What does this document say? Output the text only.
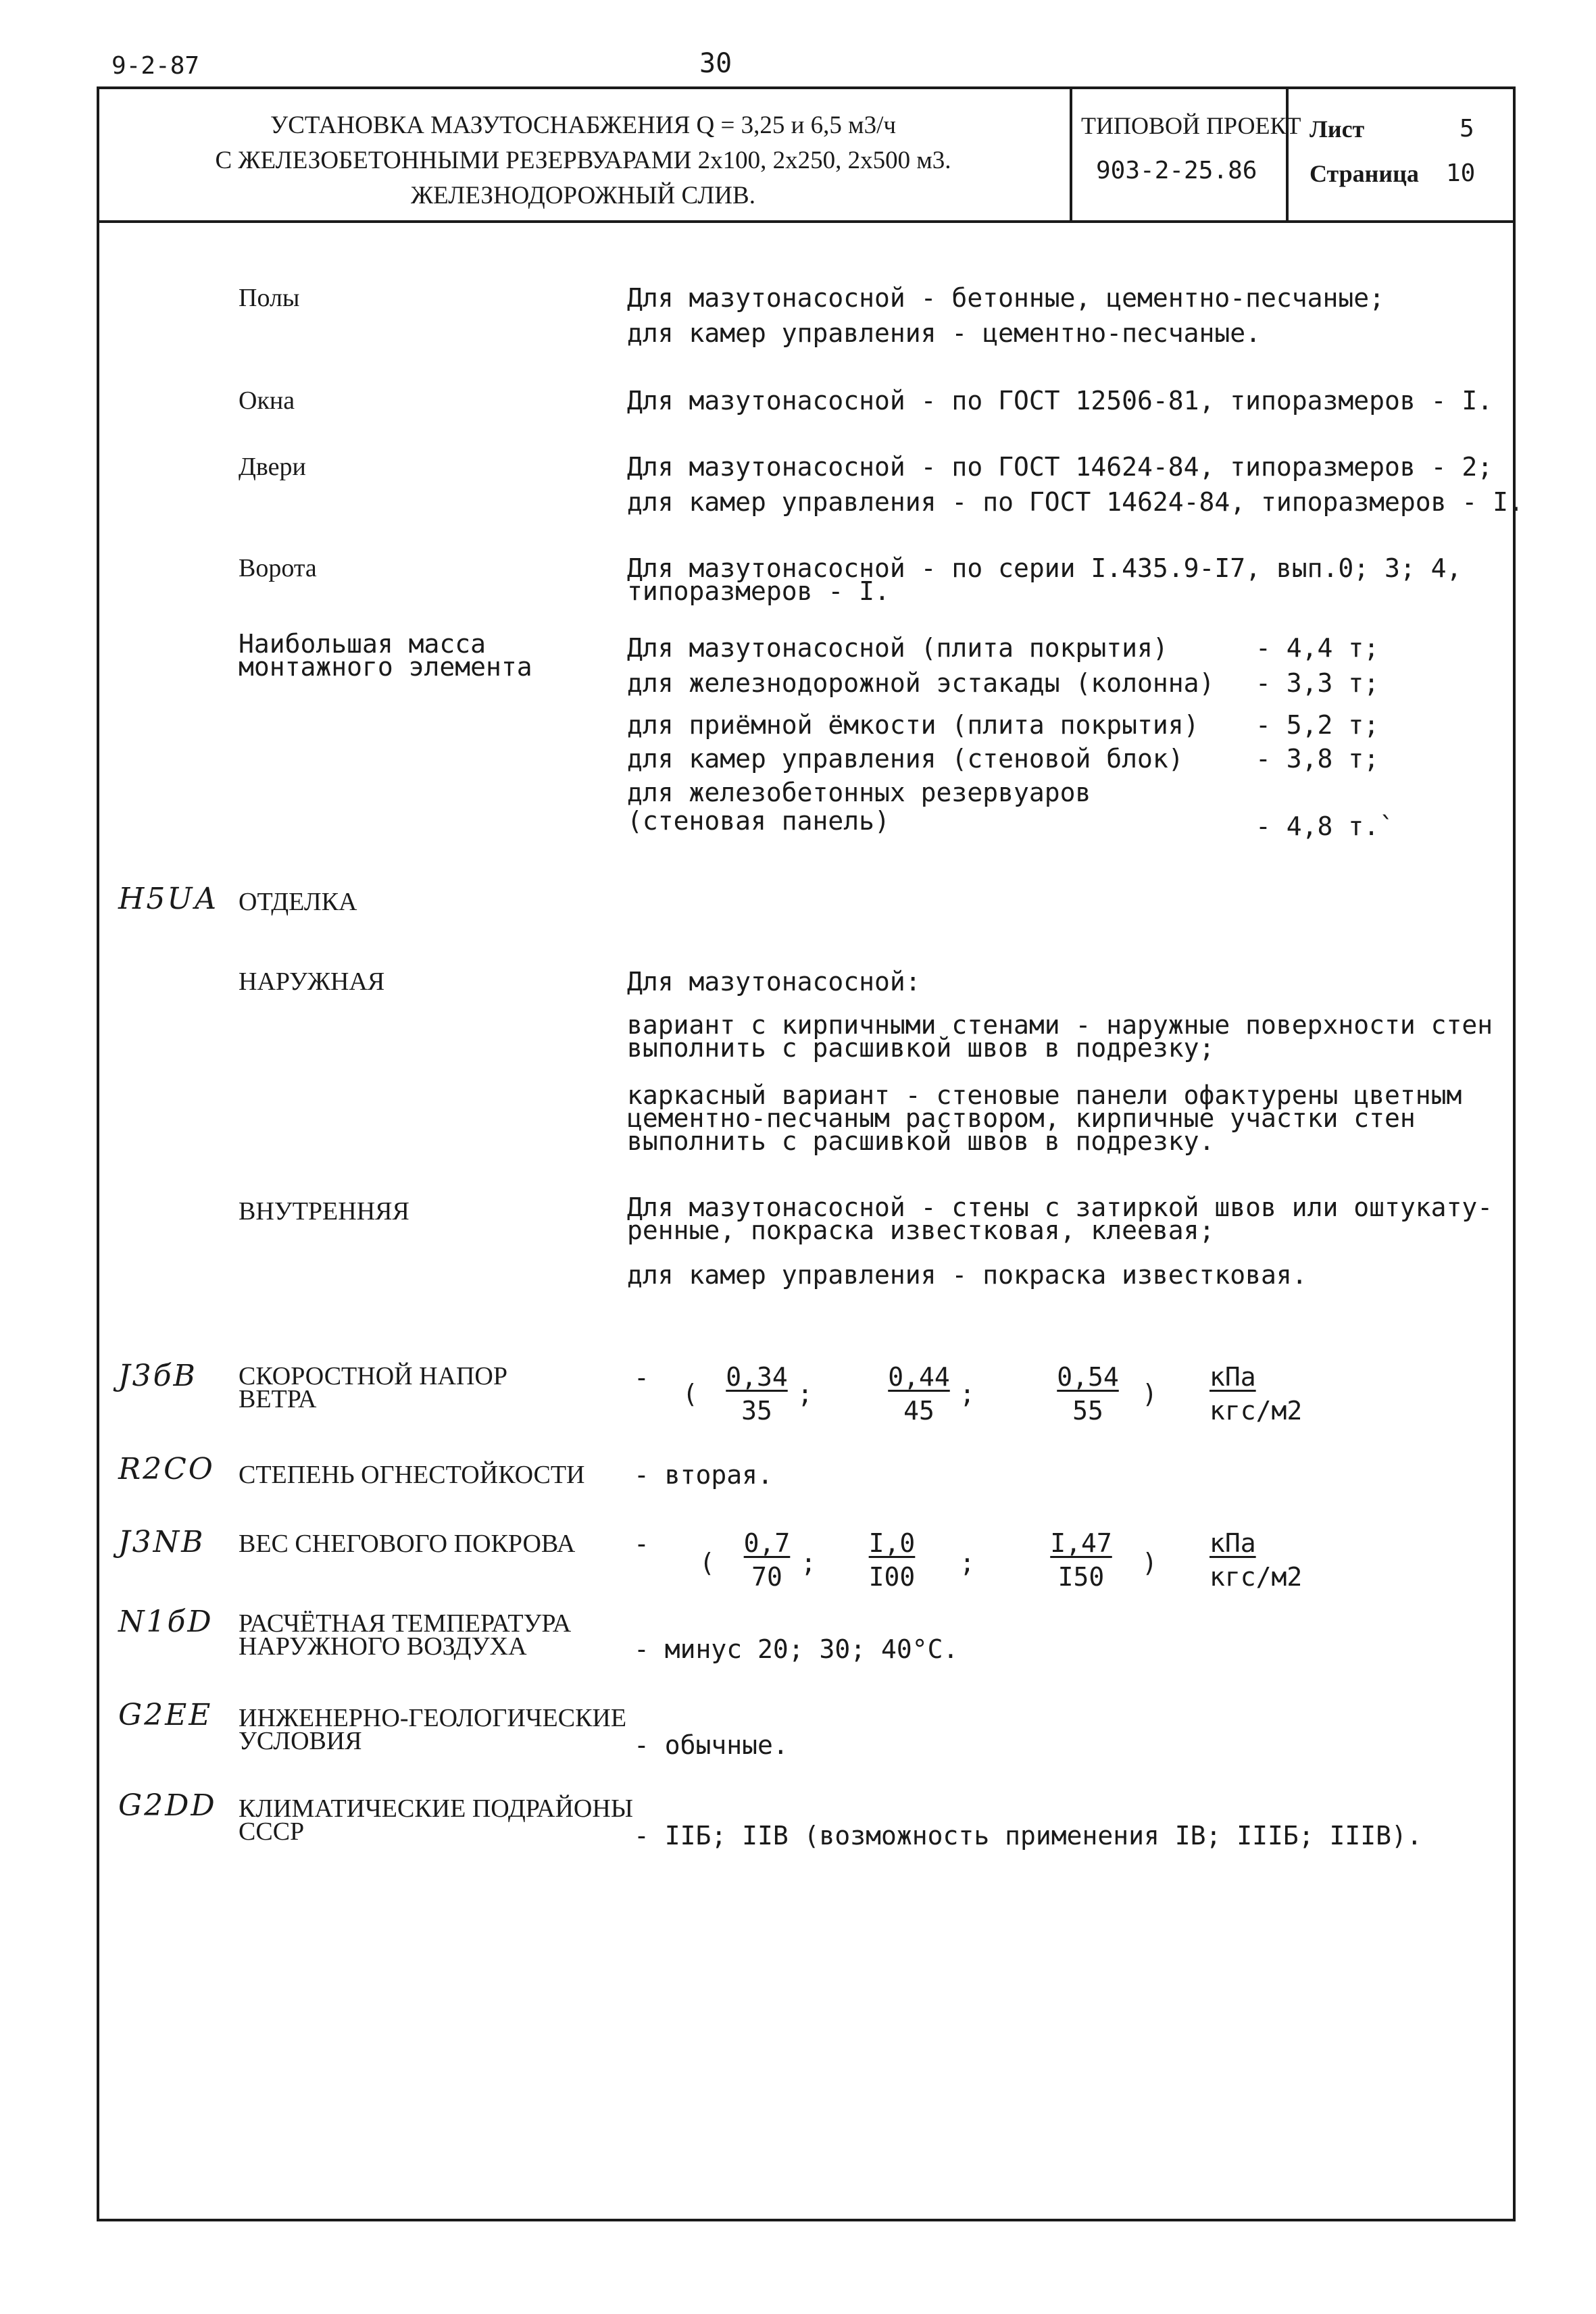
9-2-87	30
УСТАНОВКА МАЗУТОСНАБЖЕНИЯ Q = 3,25 и 6,5 м3/ч
С ЖЕЛЕЗОБЕТОННЫМИ РЕЗЕРВУАРАМИ 2х100, 2х250, 2х500 м3.
ЖЕЛЕЗНОДОРОЖНЫЙ СЛИВ.
ТИПОВОЙ ПРОЕКТ
903-2-25.86
Лист	5
Страница 10
Полы	Для мазутонасосной - бетонные, цементно-песчаные;
для камер управления - цементно-песчаные.
Окна	Для мазутонасосной - по ГОСТ 12506-81, типоразмеров - I.
Двери	Для мазутонасосной - по ГОСТ 14624-84, типоразмеров - 2;
для камер управления - по ГОСТ 14624-84, типоразмеров - I.
Ворота	Для мазутонасосной - по серии I.435.9-I7, вып.0; 3; 4,
типоразмеров - I.
Наибольшая масса
монтажного элемента
Для мазутонасосной (плита покрытия)	- 4,4 т;
для железнодорожной эстакады (колонна) - 3,3 т;
для приёмной ёмкости (плита покрытия) - 5,2 т;
для камер управления (стеновой блок)	- 3,8 т;
для железобетонных резервуаров
(стеновая панель)	- 4,8 т.`
Н5UА ОТДЕЛКА
НАРУЖНАЯ	Для мазутонасосной:
вариант с кирпичными стенами - наружные поверхности стен
выполнить с расшивкой швов в подрезку;
каркасный вариант - стеновые панели офактурены цветным
цементно-песчаным раствором, кирпичные участки стен
выполнить с расшивкой швов в подрезку.
ВНУТРЕННЯЯ	Для мазутонасосной - стены с затиркой швов или оштукату-
ренные, покраска известковая, клеевая;
для камер управления - покраска известковая.
J3бВ СКОРОСТНОЙ НАПОР
ВЕТРА
-
( $\frac{0,34}{35}$ ;	$\frac{0,44}{45}$ ;	$\frac{0,54}{55}$ )
кПа
кгс/м2
R2СО СТЕПЕНЬ ОГНЕСТОЙКОСТИ - вторая.
J3NВ ВЕС СНЕГОВОГО ПОКРОВА -
( $\frac{0,7}{70}$
; $\frac{I,0}{I00}$ ;	$\frac{I,47}{I50}$ )
кПа
кгс/м2
N1бD РАСЧЁТНАЯ ТЕМПЕРАТУРА
НАРУЖНОГО ВОЗДУХА	- минус 20; 30; 40°С.
G2ЕЕ ИНЖЕНЕРНО-ГЕОЛОГИЧЕСКИЕ
УСЛОВИЯ	- обычные.
G2DD КЛИМАТИЧЕСКИЕ ПОДРАЙОНЫ
СССР	- IIБ; IIВ (возможность применения IВ; IIIБ; IIIВ).
